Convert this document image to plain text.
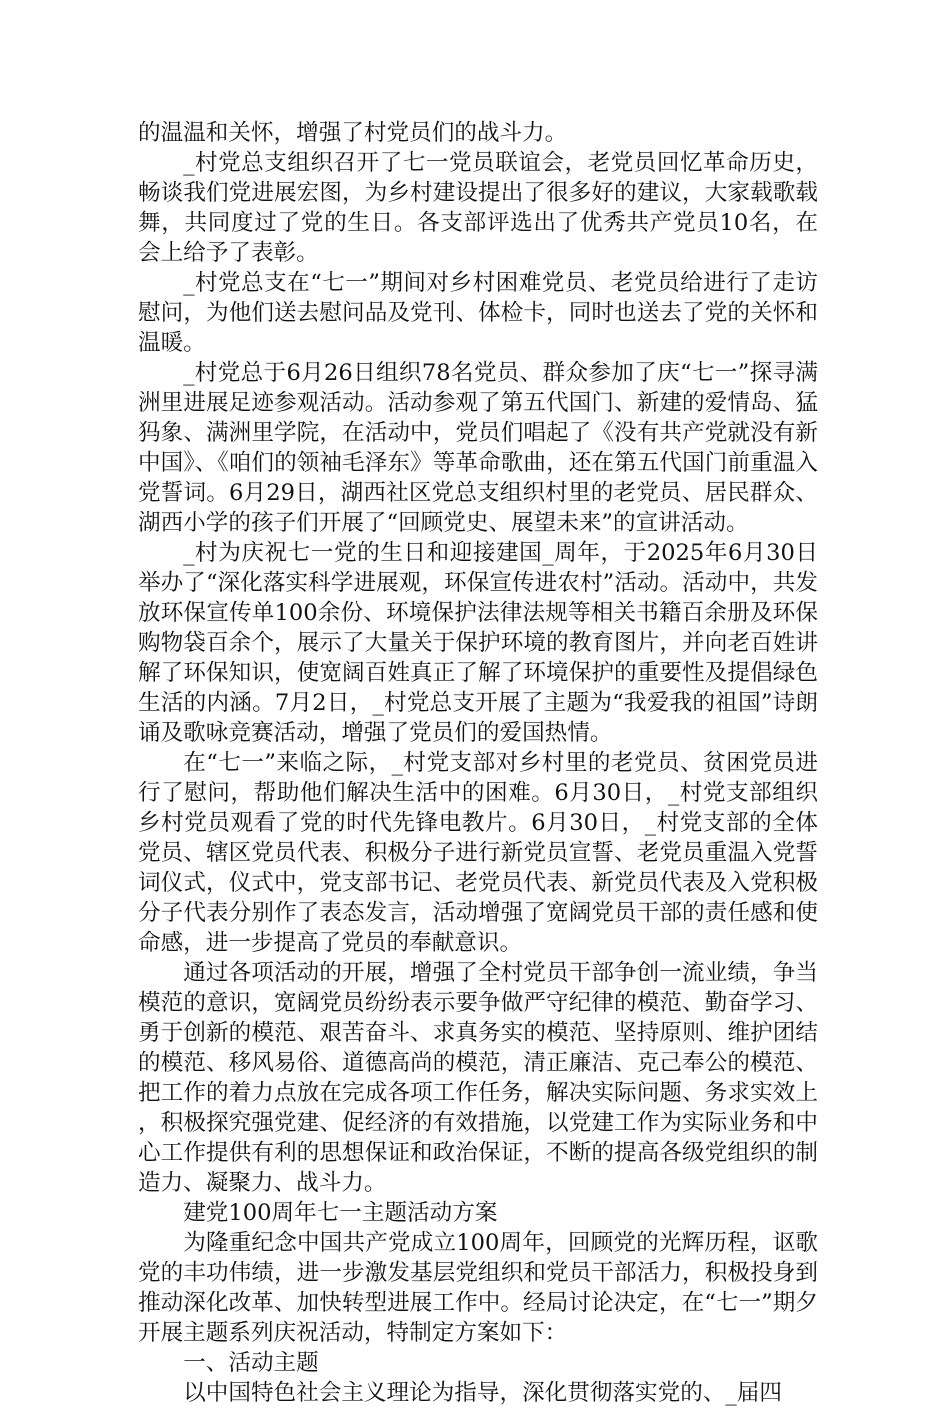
的温温和关怀，增强了村党员们的战斗力。

_村党总支组织召开了七一党员联谊会，老党员回忆革命历史，畅谈我们党进展宏图，为乡村建设提出了很多好的建议，大家载歌载舞，共同度过了党的生日。各支部评选出了优秀共产党员10名，在会上给予了表彰。

_村党总支在“七一”期间对乡村困难党员、老党员给进行了走访慰问，为他们送去慰问品及党刊、体检卡，同时也送去了党的关怀和温暖。

_村党总于6月26日组织78名党员、群众参加了庆“七一”探寻满洲里进展足迹参观活动。活动参观了第五代国门、新建的爱情岛、猛犸象、满洲里学院，在活动中，党员们唱起了《没有共产党就没有新中国》、《咱们的领袖毛泽东》等革命歌曲，还在第五代国门前重温入党誓词。6月29日，湖西社区党总支组织村里的老党员、居民群众、湖西小学的孩子们开展了“回顾党史、展望未来”的宣讲活动。

_村为庆祝七一党的生日和迎接建国_周年，于2025年6月30日举办了“深化落实科学进展观，环保宣传进农村”活动。活动中，共发放环保宣传单100余份、环境保护法律法规等相关书籍百余册及环保购物袋百余个，展示了大量关于保护环境的教育图片，并向老百姓讲解了环保知识，使宽阔百姓真正了解了环境保护的重要性及提倡绿色生活的内涵。7月2日，_村党总支开展了主题为“我爱我的祖国”诗朗诵及歌咏竞赛活动，增强了党员们的爱国热情。

在“七一”来临之际，_村党支部对乡村里的老党员、贫困党员进行了慰问，帮助他们解决生活中的困难。6月30日，_村党支部组织乡村党员观看了党的时代先锋电教片。6月30日，_村党支部的全体党员、辖区党员代表、积极分子进行新党员宣誓、老党员重温入党誓词仪式，仪式中，党支部书记、老党员代表、新党员代表及入党积极分子代表分别作了表态发言，活动增强了宽阔党员干部的责任感和使命感，进一步提高了党员的奉献意识。

通过各项活动的开展，增强了全村党员干部争创一流业绩，争当模范的意识，宽阔党员纷纷表示要争做严守纪律的模范、勤奋学习、勇于创新的模范、艰苦奋斗、求真务实的模范、坚持原则、维护团结的模范、移风易俗、道德高尚的模范，清正廉洁、克己奉公的模范、把工作的着力点放在完成各项工作任务，解决实际问题、务求实效上，积极探究强党建、促经济的有效措施，以党建工作为实际业务和中心工作提供有利的思想保证和政治保证，不断的提高各级党组织的制造力、凝聚力、战斗力。

建党100周年七一主题活动方案

为隆重纪念中国共产党成立100周年，回顾党的光辉历程，讴歌党的丰功伟绩，进一步激发基层党组织和党员干部活力，积极投身到推动深化改革、加快转型进展工作中。经局讨论决定，在“七一”期夕开展主题系列庆祝活动，特制定方案如下：

一、活动主题

以中国特色社会主义理论为指导，深化贯彻落实党的、_届四
